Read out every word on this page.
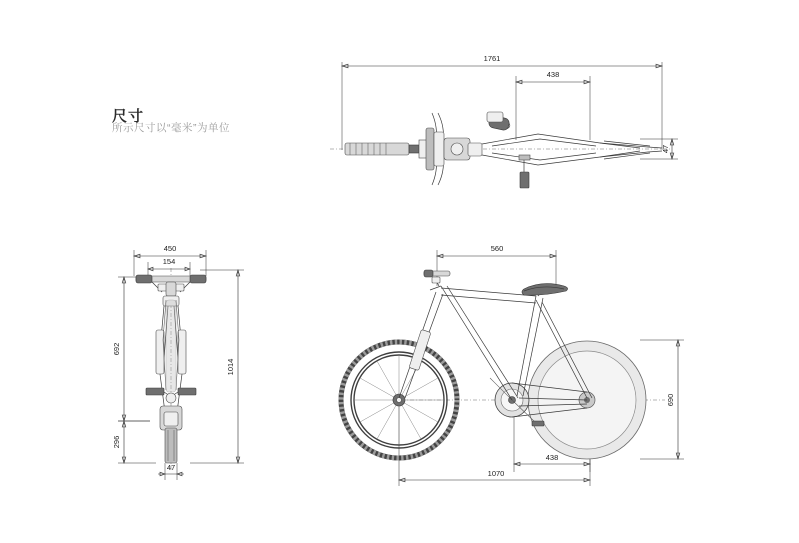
尺寸
所示尺寸以“毫米”为单位
1761
438
47
450
154
692
296
1014
47
560
690
438
1070
